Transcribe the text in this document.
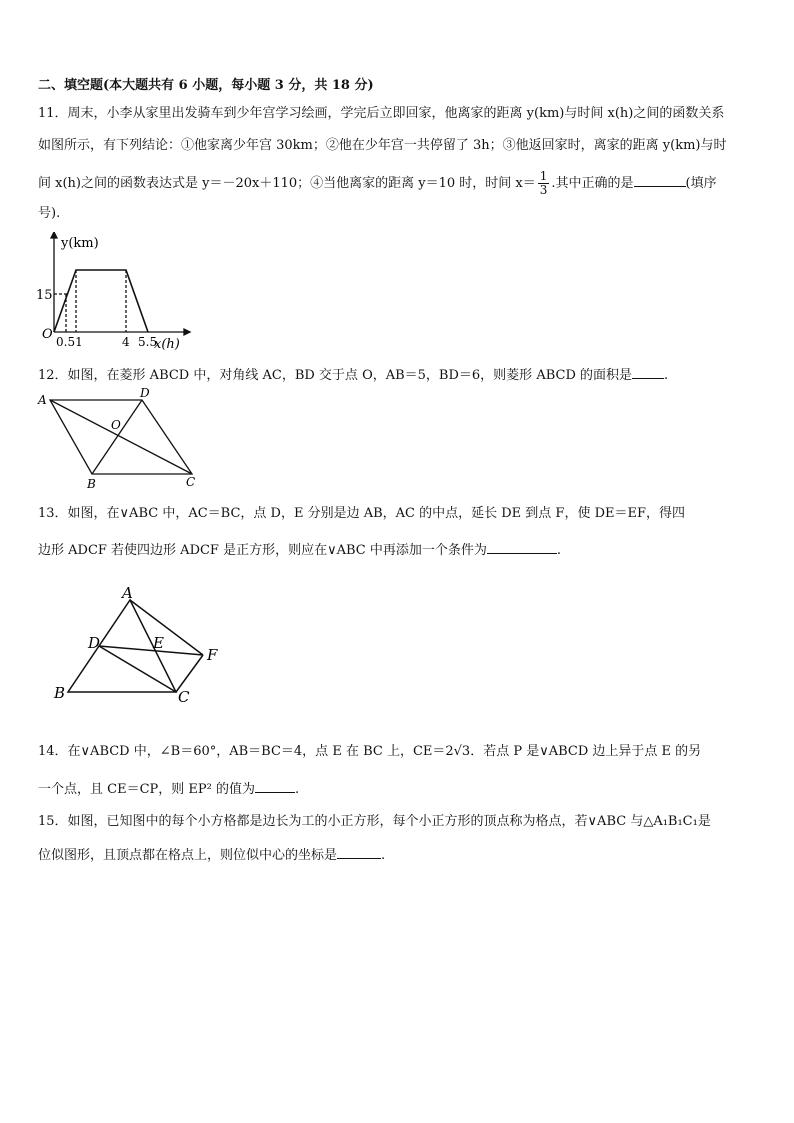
二、填空题(本大题共有 6 小题，每小题 3 分，共 18 分)
11．周末，小李从家里出发骑车到少年宫学习绘画，学完后立即回家，他离家的距离 y(km)与时间 x(h)之间的函数关系
如图所示，有下列结论：①他家离少年宫 30km；②他在少年宫一共停留了 3h；③他返回家时，离家的距离 y(km)与时
间 x(h)之间的函数表达式是 y＝－20x＋110；④当他离家的距离 y＝10 时，时间 $x= \frac{1}{3}$ .其中正确的是	(填序
号).
y(km)
x(h)
O
15
0.51	4 5.5
12．如图，在菱形 ABCD 中，对角线 AC，BD 交于点 O，AB＝5，BD＝6，则菱形 ABCD 的面积是 .
A	D
O
B	C
13．如图，在∨ABC 中，AC＝BC，点 D，E 分别是边 AB，AC 的中点，延长 DE 到点 F，使 DE＝EF，得四
边形 ADCF 若使四边形 ADCF 是正方形，则应在∨ABC 中再添加一个条件为	.
A
D	E
F
B	C
14．在∨ABCD 中，∠B＝60°，AB＝BC＝4，点 E 在 BC 上，CE＝2√3．若点 P 是∨ABCD 边上异于点 E 的另
一个点，且 CE＝CP，则 EP² 的值为	.
15．如图，已知图中的每个小方格都是边长为工的小正方形，每个小正方形的顶点称为格点，若∨ABC 与△A₁B₁C₁是
位似图形，且顶点都在格点上，则位似中心的坐标是	.
